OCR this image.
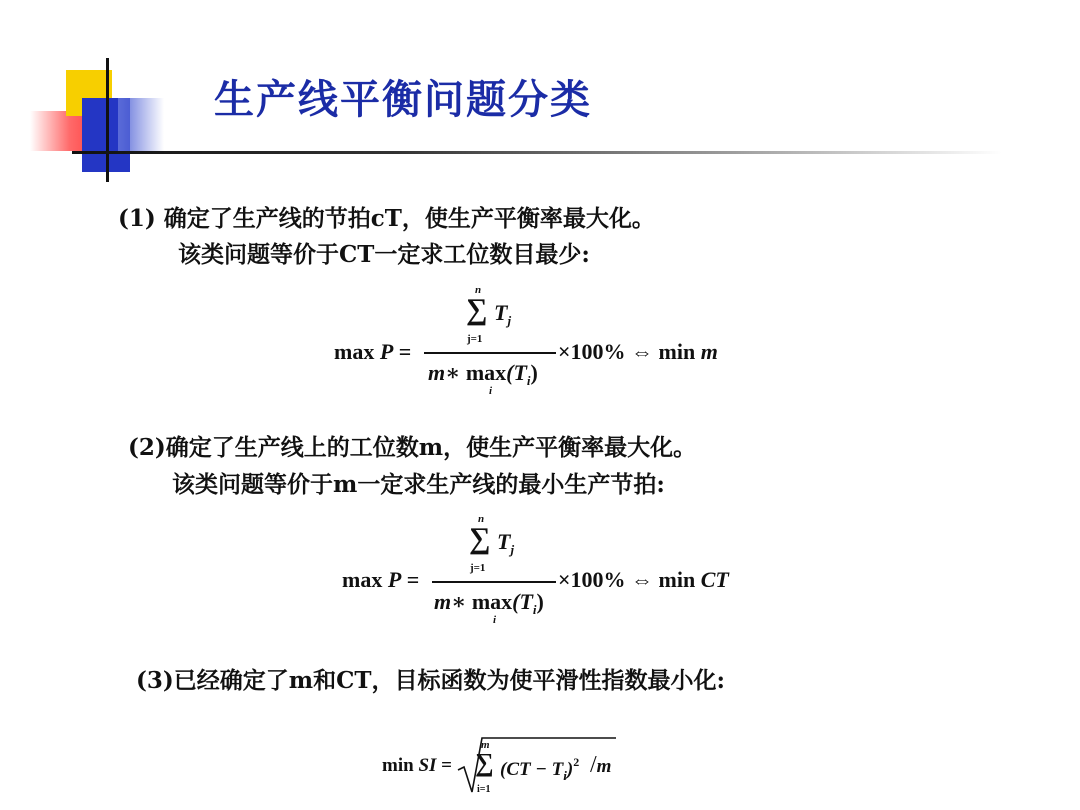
生产线平衡问题分类
(1) 确定了生产线的节拍cT，使生产平衡率最大化。
该类问题等价于CT一定求工位数目最少:
max P =
n
∑ $T_j$
j=1
m∗ $\max(T_i)$
i
×100% ⇔ min m
(2)确定了生产线上的工位数m，使生产平衡率最大化。
该类问题等价于m一定求生产线的最小生产节拍:
max P =
n
∑ $T_j$
j=1
m∗ $\max(T_i)$
i
×100% ⇔ min CT
(3)已经确定了m和CT，目标函数为使平滑性指数最小化:
min SI =
m
∑
i=1
$(CT - T_i)^2$ /m
